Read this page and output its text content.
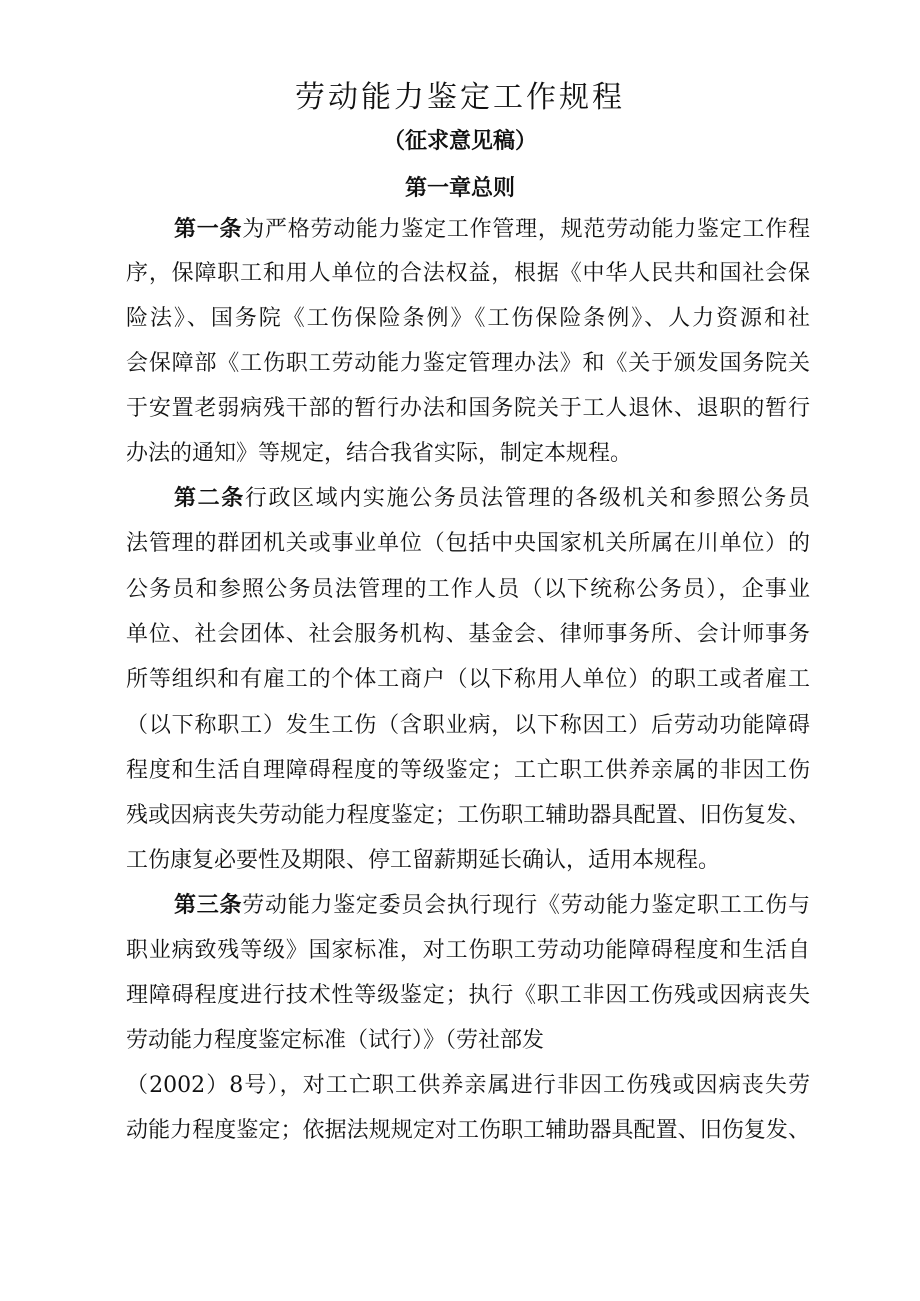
劳动能力鉴定工作规程
（征求意见稿）
第一章总则
第一条为严格劳动能力鉴定工作管理，规范劳动能力鉴定工作程
序，保障职工和用人单位的合法权益，根据《中华人民共和国社会保
险法》、国务院《工伤保险条例》《工伤保险条例》、人力资源和社
会保障部《工伤职工劳动能力鉴定管理办法》和《关于颁发国务院关
于安置老弱病残干部的暂行办法和国务院关于工人退休、退职的暂行
办法的通知》等规定，结合我省实际，制定本规程。
第二条行政区域内实施公务员法管理的各级机关和参照公务员
法管理的群团机关或事业单位（包括中央国家机关所属在川单位）的
公务员和参照公务员法管理的工作人员（以下统称公务员），企事业
单位、社会团体、社会服务机构、基金会、律师事务所、会计师事务
所等组织和有雇工的个体工商户（以下称用人单位）的职工或者雇工
（以下称职工）发生工伤（含职业病，以下称因工）后劳动功能障碍
程度和生活自理障碍程度的等级鉴定；工亡职工供养亲属的非因工伤
残或因病丧失劳动能力程度鉴定；工伤职工辅助器具配置、旧伤复发、
工伤康复必要性及期限、停工留薪期延长确认，适用本规程。
第三条劳动能力鉴定委员会执行现行《劳动能力鉴定职工工伤与
职业病致残等级》国家标准，对工伤职工劳动功能障碍程度和生活自
理障碍程度进行技术性等级鉴定；执行《职工非因工伤残或因病丧失
劳动能力程度鉴定标准（试行）》（劳社部发
（2002）8号），对工亡职工供养亲属进行非因工伤残或因病丧失劳
动能力程度鉴定；依据法规规定对工伤职工辅助器具配置、旧伤复发、
